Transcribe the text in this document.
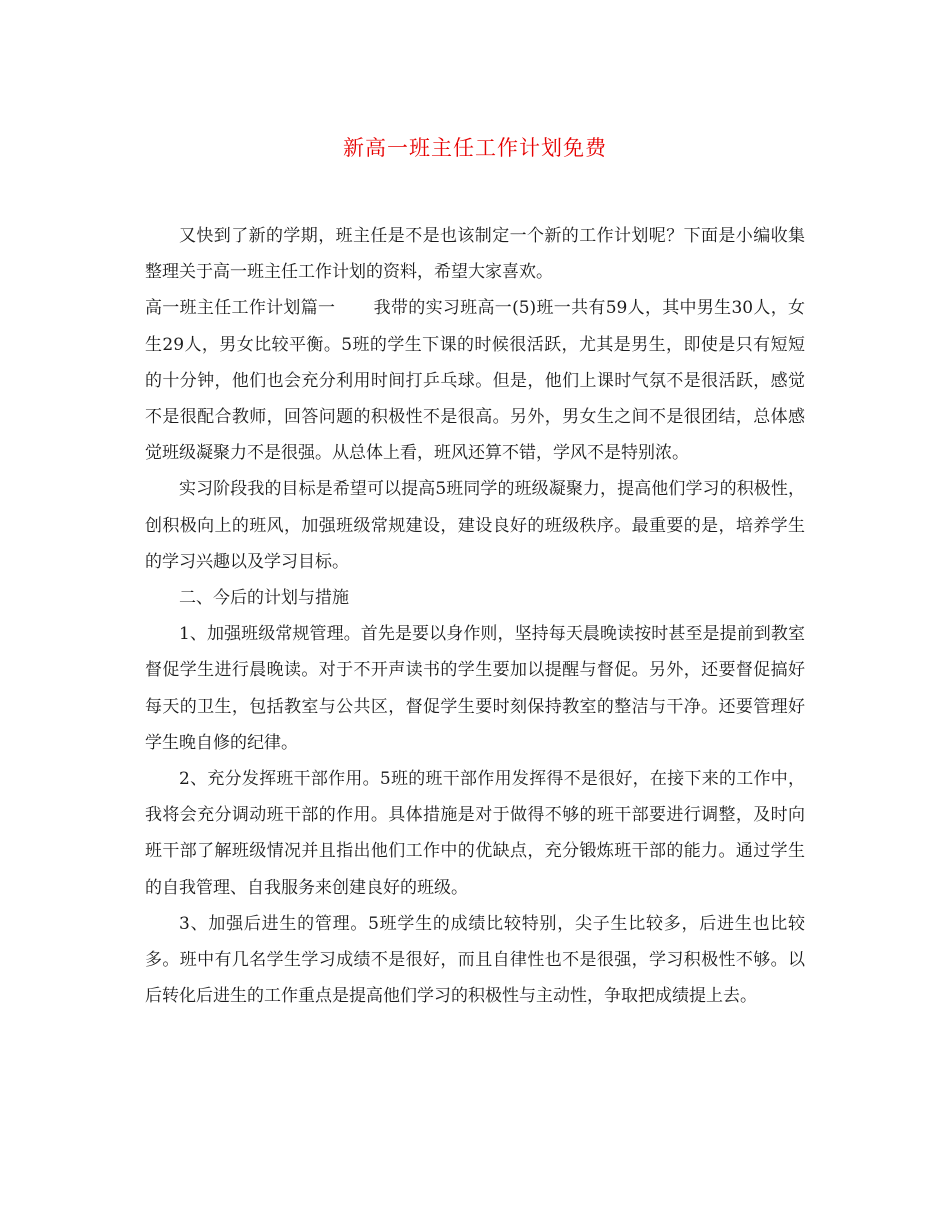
新高一班主任工作计划免费

又快到了新的学期，班主任是不是也该制定一个新的工作计划呢？下面是小编收集整理关于高一班主任工作计划的资料，希望大家喜欢。

高一班主任工作计划篇一 我带的实习班高一(5)班一共有59人，其中男生30人，女生29人，男女比较平衡。5班的学生下课的时候很活跃，尤其是男生，即使是只有短短的十分钟，他们也会充分利用时间打乒乓球。但是，他们上课时气氛不是很活跃，感觉不是很配合教师，回答问题的积极性不是很高。另外，男女生之间不是很团结，总体感觉班级凝聚力不是很强。从总体上看，班风还算不错，学风不是特别浓。

实习阶段我的目标是希望可以提高5班同学的班级凝聚力，提高他们学习的积极性，创积极向上的班风，加强班级常规建设，建设良好的班级秩序。最重要的是，培养学生的学习兴趣以及学习目标。

二、今后的计划与措施

1、加强班级常规管理。首先是要以身作则，坚持每天晨晚读按时甚至是提前到教室督促学生进行晨晚读。对于不开声读书的学生要加以提醒与督促。另外，还要督促搞好每天的卫生，包括教室与公共区，督促学生要时刻保持教室的整洁与干净。还要管理好学生晚自修的纪律。

2、充分发挥班干部作用。5班的班干部作用发挥得不是很好，在接下来的工作中，我将会充分调动班干部的作用。具体措施是对于做得不够的班干部要进行调整，及时向班干部了解班级情况并且指出他们工作中的优缺点，充分锻炼班干部的能力。通过学生的自我管理、自我服务来创建良好的班级。

3、加强后进生的管理。5班学生的成绩比较特别，尖子生比较多，后进生也比较多。班中有几名学生学习成绩不是很好，而且自律性也不是很强，学习积极性不够。以后转化后进生的工作重点是提高他们学习的积极性与主动性，争取把成绩提上去。
